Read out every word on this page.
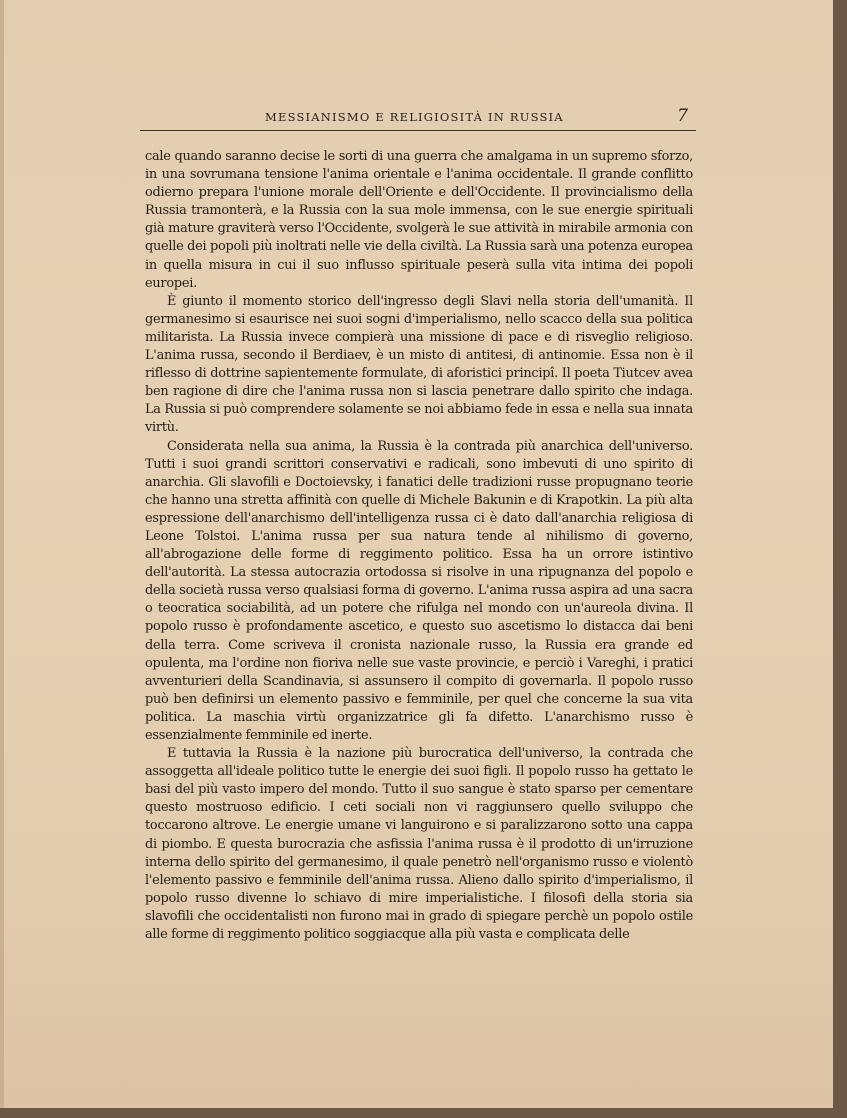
MESSIANISMO E RELIGIOSITÀ IN RUSSIA	7

cale quando saranno decise le sorti di una guerra che amalgama in un supremo sforzo, in una sovrumana tensione l'anima orientale e l'anima occidentale. Il grande conflitto odierno prepara l'unione morale dell'Oriente e dell'Occidente. Il provincialismo della Russia tramonterà, e la Russia con la sua mole immensa, con le sue energie spirituali già mature graviterà verso l'Occidente, svolgerà le sue attività in mirabile armonia con quelle dei popoli più inoltrati nelle vie della civiltà. La Russia sarà una potenza europea in quella misura in cui il suo influsso spirituale peserà sulla vita intima dei popoli europei.

È giunto il momento storico dell'ingresso degli Slavi nella storia dell'umanità. Il germanesimo si esaurisce nei suoi sogni d'imperialismo, nello scacco della sua politica militarista. La Russia invece compierà una missione di pace e di risveglio religioso. L'anima russa, secondo il Berdiaev, è un misto di antitesi, di antinomie. Essa non è il riflesso di dottrine sapientemente formulate, di aforistici principî. Il poeta Tiutcev avea ben ragione di dire che l'anima russa non si lascia penetrare dallo spirito che indaga. La Russia si può comprendere solamente se noi abbiamo fede in essa e nella sua innata virtù.

Considerata nella sua anima, la Russia è la contrada più anarchica dell'universo. Tutti i suoi grandi scrittori conservativi e radicali, sono imbevuti di uno spirito di anarchia. Gli slavofili e Doctoievsky, i fanatici delle tradizioni russe propugnano teorie che hanno una stretta affinità con quelle di Michele Bakunin e di Krapotkin. La più alta espressione dell'anarchismo dell'intelligenza russa ci è dato dall'anarchia religiosa di Leone Tolstoi. L'anima russa per sua natura tende al nihilismo di governo, all'abrogazione delle forme di reggimento politico. Essa ha un orrore istintivo dell'autorità. La stessa autocrazia ortodossa si risolve in una ripugnanza del popolo e della società russa verso qualsiasi forma di governo. L'anima russa aspira ad una sacra o teocratica sociabilità, ad un potere che rifulga nel mondo con un'aureola divina. Il popolo russo è profondamente ascetico, e questo suo ascetismo lo distacca dai beni della terra. Come scriveva il cronista nazionale russo, la Russia era grande ed opulenta, ma l'ordine non fioriva nelle sue vaste provincie, e perciò i Vareghi, i pratici avventurieri della Scandinavia, si assunsero il compito di governarla. Il popolo russo può ben definirsi un elemento passivo e femminile, per quel che concerne la sua vita politica. La maschia virtù organizzatrice gli fa difetto. L'anarchismo russo è essenzialmente femminile ed inerte.

E tuttavia la Russia è la nazione più burocratica dell'universo, la contrada che assoggetta all'ideale politico tutte le energie dei suoi figli. Il popolo russo ha gettato le basi del più vasto impero del mondo. Tutto il suo sangue è stato sparso per cementare questo mostruoso edificio. I ceti sociali non vi raggiunsero quello sviluppo che toccarono altrove. Le energie umane vi languirono e si paralizzarono sotto una cappa di piombo. E questa burocrazia che asfissia l'anima russa è il prodotto di un'irruzione interna dello spirito del germanesimo, il quale penetrò nell'organismo russo e violentò l'elemento passivo e femminile dell'anima russa. Alieno dallo spirito d'imperialismo, il popolo russo divenne lo schiavo di mire imperialistiche. I filosofi della storia sia slavofili che occidentalisti non furono mai in grado di spiegare perchè un popolo ostile alle forme di reggimento politico soggiacque alla più vasta e complicata delle
